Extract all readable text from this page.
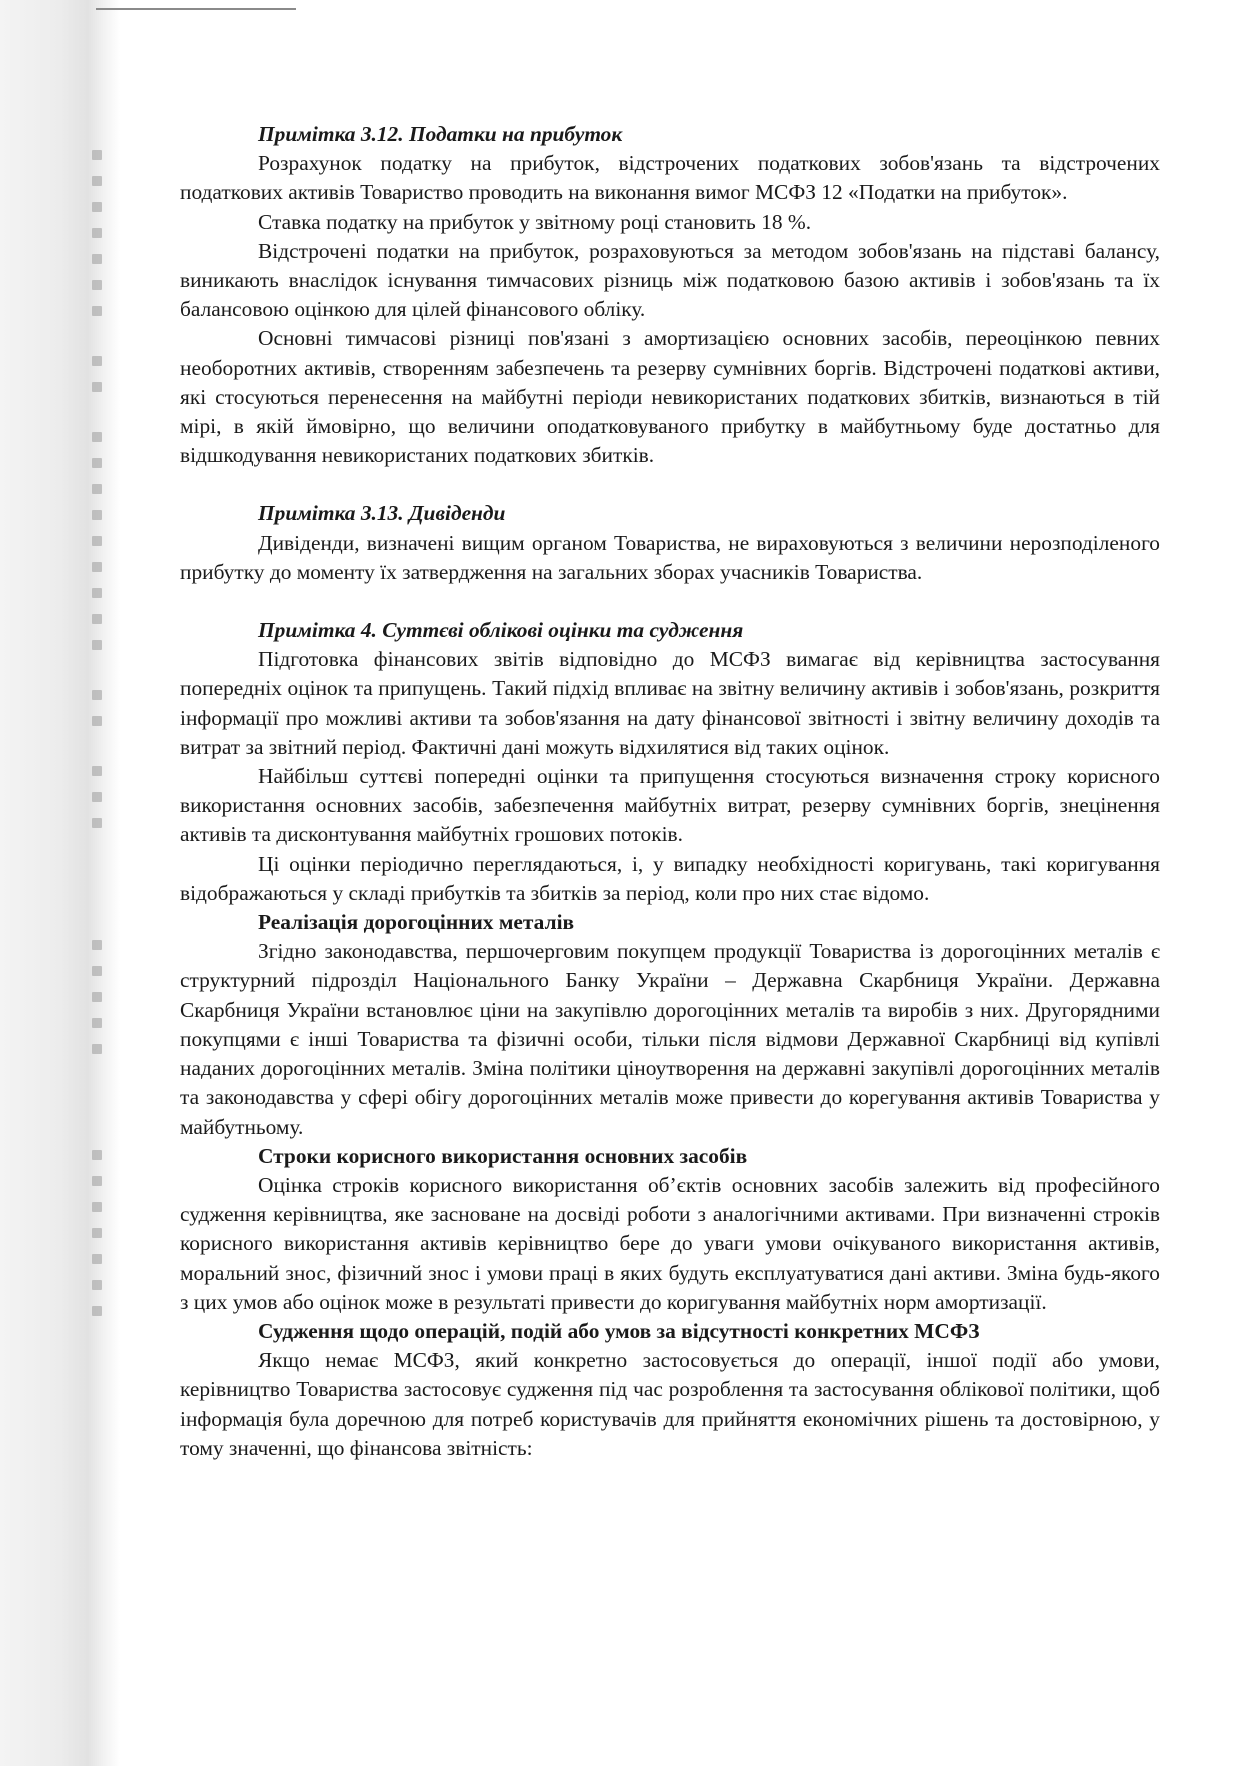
Примітка 3.12. Податки на прибуток

Розрахунок податку на прибуток, відстрочених податкових зобов'язань та відстрочених податкових активів Товариство проводить на виконання вимог МСФЗ 12 «Податки на прибуток».

Ставка податку на прибуток у звітному році становить 18 %.

Відстрочені податки на прибуток, розраховуються за методом зобов'язань на підставі балансу, виникають внаслідок існування тимчасових різниць між податковою базою активів і зобов'язань та їх балансовою оцінкою для цілей фінансового обліку.

Основні тимчасові різниці пов'язані з амортизацією основних засобів, переоцінкою певних необоротних активів, створенням забезпечень та резерву сумнівних боргів. Відстрочені податкові активи, які стосуються перенесення на майбутні періоди невикористаних податкових збитків, визнаються в тій мірі, в якій ймовірно, що величини оподатковуваного прибутку в майбутньому буде достатньо для відшкодування невикористаних податкових збитків.

Примітка 3.13. Дивіденди

Дивіденди, визначені вищим органом Товариства, не вираховуються з величини нерозподіленого прибутку до моменту їх затвердження на загальних зборах учасників Товариства.

Примітка 4. Суттєві облікові оцінки та судження

Підготовка фінансових звітів відповідно до МСФЗ вимагає від керівництва застосування попередніх оцінок та припущень. Такий підхід впливає на звітну величину активів і зобов'язань, розкриття інформації про можливі активи та зобов'язання на дату фінансової звітності і звітну величину доходів та витрат за звітний період. Фактичні дані можуть відхилятися від таких оцінок.

Найбільш суттєві попередні оцінки та припущення стосуються визначення строку корисного використання основних засобів, забезпечення майбутніх витрат, резерву сумнівних боргів, знецінення активів та дисконтування майбутніх грошових потоків.

Ці оцінки періодично переглядаються, і, у випадку необхідності коригувань, такі коригування відображаються у складі прибутків та збитків за період, коли про них стає відомо.

Реалізація дорогоцінних металів

Згідно законодавства, першочерговим покупцем продукції Товариства із дорогоцінних металів є структурний підрозділ Національного Банку України – Державна Скарбниця України. Державна Скарбниця України встановлює ціни на закупівлю дорогоцінних металів та виробів з них. Другорядними покупцями є інші Товариства та фізичні особи, тільки після відмови Державної Скарбниці від купівлі наданих дорогоцінних металів. Зміна політики ціноутворення на державні закупівлі дорогоцінних металів та законодавства у сфері обігу дорогоцінних металів може привести до корегування активів Товариства у майбутньому.

Строки корисного використання основних засобів

Оцінка строків корисного використання об’єктів основних засобів залежить від професійного судження керівництва, яке засноване на досвіді роботи з аналогічними активами. При визначенні строків корисного використання активів керівництво бере до уваги умови очікуваного використання активів, моральний знос, фізичний знос і умови праці в яких будуть експлуатуватися дані активи. Зміна будь-якого з цих умов або оцінок може в результаті привести до коригування майбутніх норм амортизації.

Судження щодо операцій, подій або умов за відсутності конкретних МСФЗ

Якщо немає МСФЗ, який конкретно застосовується до операції, іншої події або умови, керівництво Товариства застосовує судження під час розроблення та застосування облікової політики, щоб інформація була доречною для потреб користувачів для прийняття економічних рішень та достовірною, у тому значенні, що фінансова звітність:
